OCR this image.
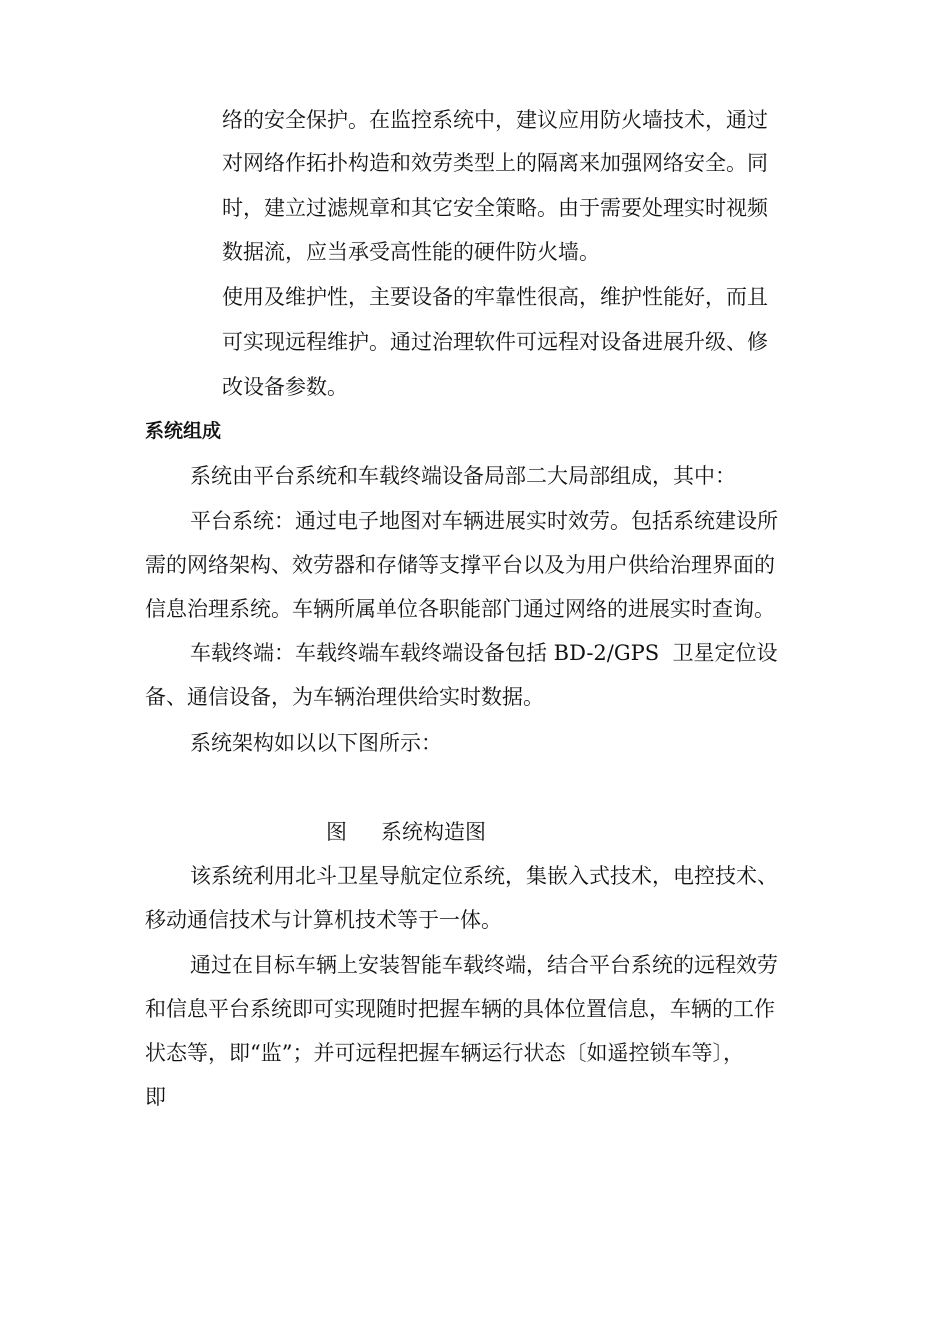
络的安全保护。在监控系统中，建议应用防火墙技术，通过
对网络作拓扑构造和效劳类型上的隔离来加强网络安全。同
时，建立过滤规章和其它安全策略。由于需要处理实时视频
数据流，应当承受高性能的硬件防火墙。
使用及维护性，主要设备的牢靠性很高，维护性能好，而且
可实现远程维护。通过治理软件可远程对设备进展升级、修
改设备参数。
系统组成
系统由平台系统和车载终端设备局部二大局部组成，其中：
平台系统：通过电子地图对车辆进展实时效劳。包括系统建设所
需的网络架构、效劳器和存储等支撑平台以及为用户供给治理界面的
信息治理系统。车辆所属单位各职能部门通过网络的进展实时查询。
车载终端：车载终端车载终端设备包括 BD-2/GPS  卫星定位设
备、通信设备，为车辆治理供给实时数据。
系统架构如以以下图所示：
图 系统构造图
该系统利用北斗卫星导航定位系统，集嵌入式技术，电控技术、
移动通信技术与计算机技术等于一体。
通过在目标车辆上安装智能车载终端，结合平台系统的远程效劳
和信息平台系统即可实现随时把握车辆的具体位置信息，车辆的工作
状态等，即“监”；并可远程把握车辆运行状态〔如遥控锁车等〕，
即
